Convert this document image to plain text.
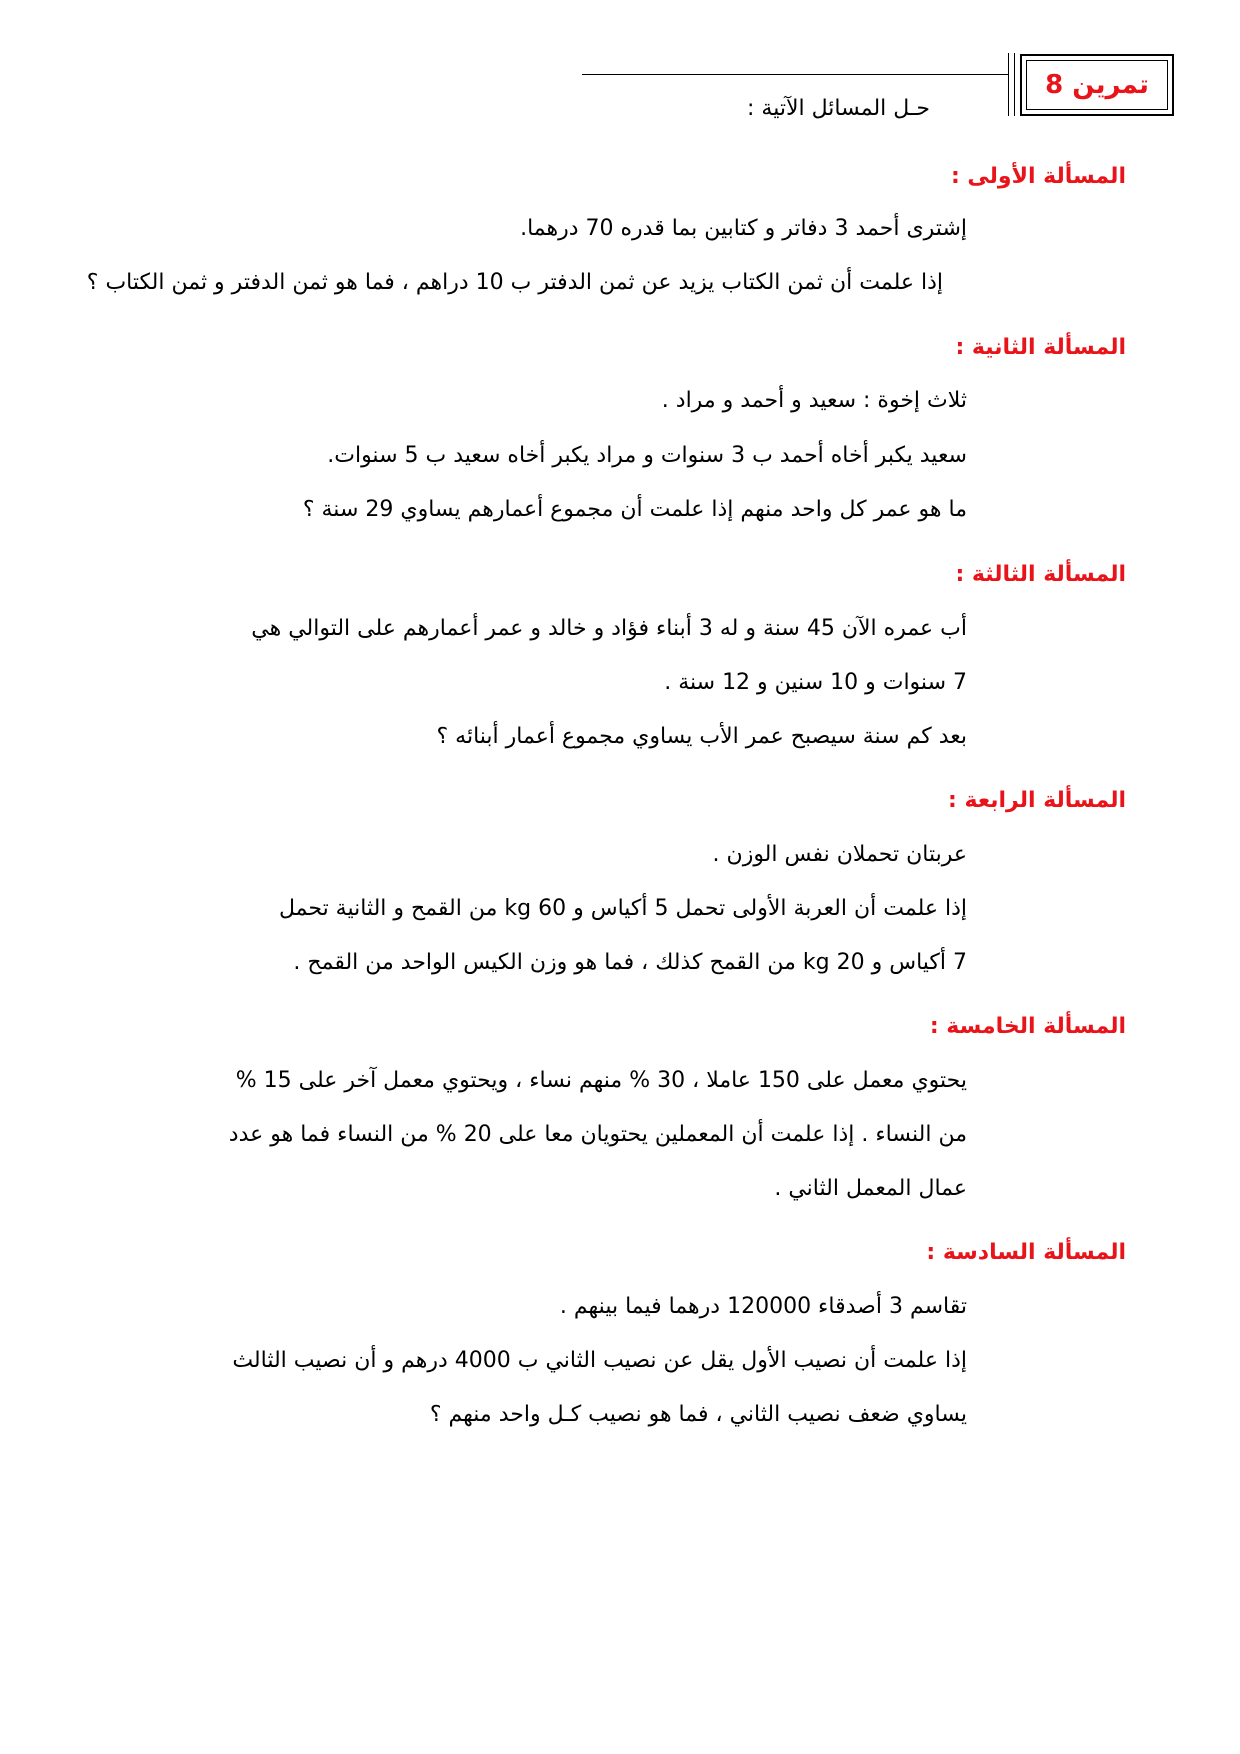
تمرين 8
حـل المسائل الآتية :
المسألة الأولى :
إشترى أحمد 3 دفاتر و كتابين بما قدره 70 درهما.
إذا علمت أن ثمن الكتاب يزيد عن ثمن الدفتر ب 10 دراهم ، فما هو ثمن الدفتر و ثمن الكتاب ؟
المسألة الثانية :
ثلاث إخوة : سعيد و أحمد و مراد .
سعيد يكبر أخاه أحمد ب 3 سنوات و مراد يكبر أخاه سعيد ب 5 سنوات.
ما هو عمر كل واحد منهم إذا علمت أن مجموع أعمارهم يساوي 29 سنة ؟
المسألة الثالثة :
أب عمره الآن 45 سنة و له 3 أبناء فؤاد و خالد و عمر أعمارهم على التوالي هي
7 سنوات و 10 سنين و 12 سنة .
بعد كم سنة سيصبح عمر الأب يساوي مجموع أعمار أبنائه ؟
المسألة الرابعة :
عربتان تحملان نفس الوزن .
إذا علمت أن العربة الأولى تحمل 5 أكياس و 60 kg من القمح و الثانية تحمل
7 أكياس و 20 kg من القمح كذلك ، فما هو وزن الكيس الواحد من القمح .
المسألة الخامسة :
يحتوي معمل على 150 عاملا ، 30 % منهم نساء ، ويحتوي معمل آخر على 15 %
من النساء . إذا علمت أن المعملين يحتويان معا على 20 % من النساء فما هو عدد
عمال المعمل الثاني .
المسألة السادسة :
تقاسم 3 أصدقاء 120000 درهما فيما بينهم .
إذا علمت أن نصيب الأول يقل عن نصيب الثاني ب 4000 درهم و أن نصيب الثالث
يساوي ضعف نصيب الثاني ، فما هو نصيب كـل واحد منهم ؟
